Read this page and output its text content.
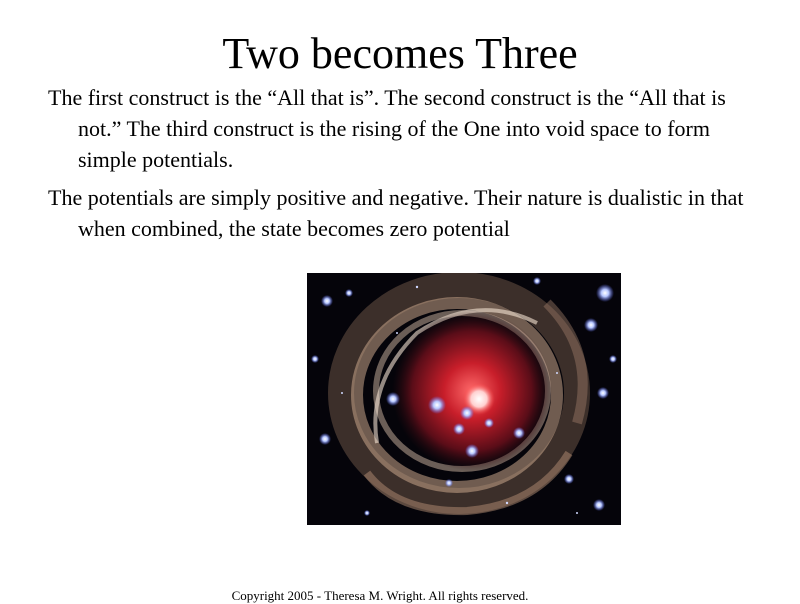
Two becomes Three

The first construct is the “All that is”. The second construct is the “All that is not.” The third construct is the rising of the One into void space to form simple potentials.

The potentials are simply positive and negative. Their nature is dualistic in that when combined, the state becomes zero potential

Copyright 2005 - Theresa M. Wright. All rights reserved.
